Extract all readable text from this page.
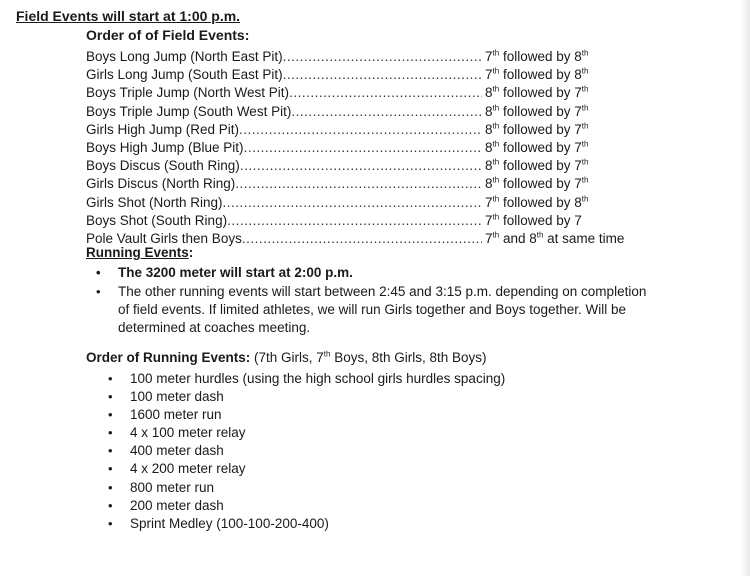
Field Events will start at 1:00 p.m.
Order of of Field Events:
Boys Long Jump (North East Pit) .....	7th followed by 8th
Girls Long Jump (South East Pit) .....	7th followed by 8th
Boys Triple Jump (North West Pit) .....	8th followed by 7th
Boys Triple Jump (South West Pit) .....	8th followed by 7th
Girls High Jump (Red Pit) .....	8th followed by 7th
Boys High Jump (Blue Pit) .....	8th followed by 7th
Boys Discus (South Ring) .....	8th followed by 7th
Girls Discus (North Ring) .....	8th followed by 7th
Girls Shot (North Ring) .....	7th followed by 8th
Boys Shot (South Ring) .....	7th followed by 7
Pole Vault Girls then Boys .....	7th and 8th at same time
Running Events:
• The 3200 meter will start at 2:00 p.m.
• The other running events will start between 2:45 and 3:15 p.m. depending on completion of field events. If limited athletes, we will run Girls together and Boys together. Will be determined at coaches meeting.
Order of Running Events: (7th Girls, 7th Boys, 8th Girls, 8th Boys)
• 100 meter hurdles (using the high school girls hurdles spacing)
• 100 meter dash
• 1600 meter run
• 4 x 100 meter relay
• 400 meter dash
• 4 x 200 meter relay
• 800 meter run
• 200 meter dash
• Sprint Medley (100-100-200-400)
